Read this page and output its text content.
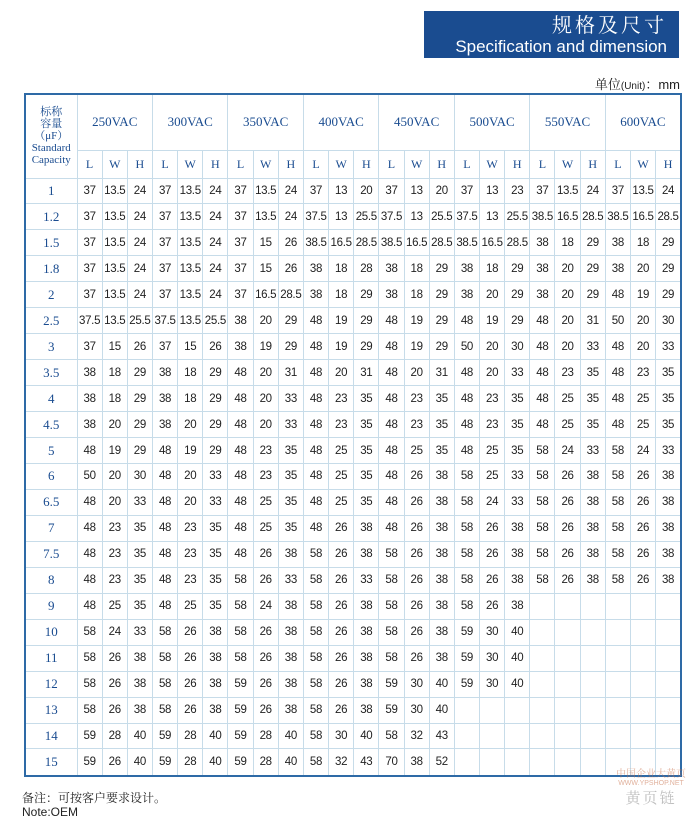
规格及尺寸
Specification and dimension
单位(Unit)：mm
标称
容量
（μF）
Standard
Capacity	250VAC			300VAC			350VAC			400VAC			450VAC			500VAC			550VAC			600VAC		
	L	W	H	L	W	H	L	W	H	L	W	H	L	W	H	L	W	H	L	W	H	L	W	H
1	37	13.5	24	37	13.5	24	37	13.5	24	37	13	20	37	13	20	37	13	23	37	13.5	24	37	13.5	24
1.2	37	13.5	24	37	13.5	24	37	13.5	24	37.5	13	25.5	37.5	13	25.5	37.5	13	25.5	38.5	16.5	28.5	38.5	16.5	28.5
1.5	37	13.5	24	37	13.5	24	37	15	26	38.5	16.5	28.5	38.5	16.5	28.5	38.5	16.5	28.5	38	18	29	38	18	29
1.8	37	13.5	24	37	13.5	24	37	15	26	38	18	28	38	18	29	38	18	29	38	20	29	38	20	29
2	37	13.5	24	37	13.5	24	37	16.5	28.5	38	18	29	38	18	29	38	20	29	38	20	29	48	19	29
2.5	37.5	13.5	25.5	37.5	13.5	25.5	38	20	29	48	19	29	48	19	29	48	19	29	48	20	31	50	20	30
3	37	15	26	37	15	26	38	19	29	48	19	29	48	19	29	50	20	30	48	20	33	48	20	33
3.5	38	18	29	38	18	29	48	20	31	48	20	31	48	20	31	48	20	33	48	23	35	48	23	35
4	38	18	29	38	18	29	48	20	33	48	23	35	48	23	35	48	23	35	48	25	35	48	25	35
4.5	38	20	29	38	20	29	48	20	33	48	23	35	48	23	35	48	23	35	48	25	35	48	25	35
5	48	19	29	48	19	29	48	23	35	48	25	35	48	25	35	48	25	35	58	24	33	58	24	33
6	50	20	30	48	20	33	48	23	35	48	25	35	48	26	38	58	25	33	58	26	38	58	26	38
6.5	48	20	33	48	20	33	48	25	35	48	25	35	48	26	38	58	24	33	58	26	38	58	26	38
7	48	23	35	48	23	35	48	25	35	48	26	38	48	26	38	58	26	38	58	26	38	58	26	38
7.5	48	23	35	48	23	35	48	26	38	58	26	38	58	26	38	58	26	38	58	26	38	58	26	38
8	48	23	35	48	23	35	58	26	33	58	26	33	58	26	38	58	26	38	58	26	38	58	26	38
9	48	25	35	48	25	35	58	24	38	58	26	38	58	26	38	58	26	38						
10	58	24	33	58	26	38	58	26	38	58	26	38	58	26	38	59	30	40						
11	58	26	38	58	26	38	58	26	38	58	26	38	58	26	38	59	30	40						
12	58	26	38	58	26	38	59	26	38	58	26	38	59	30	40	59	30	40						
13	58	26	38	58	26	38	59	26	38	58	26	38	59	30	40									
14	59	28	40	59	28	40	59	28	40	58	30	40	58	32	43									
15	59	26	40	59	28	40	59	28	40	58	32	43	70	38	52									
备注：可按客户要求设计。
Note:OEM
中国企业大黄页
WWW.YPSHOP.NET
黄页链
